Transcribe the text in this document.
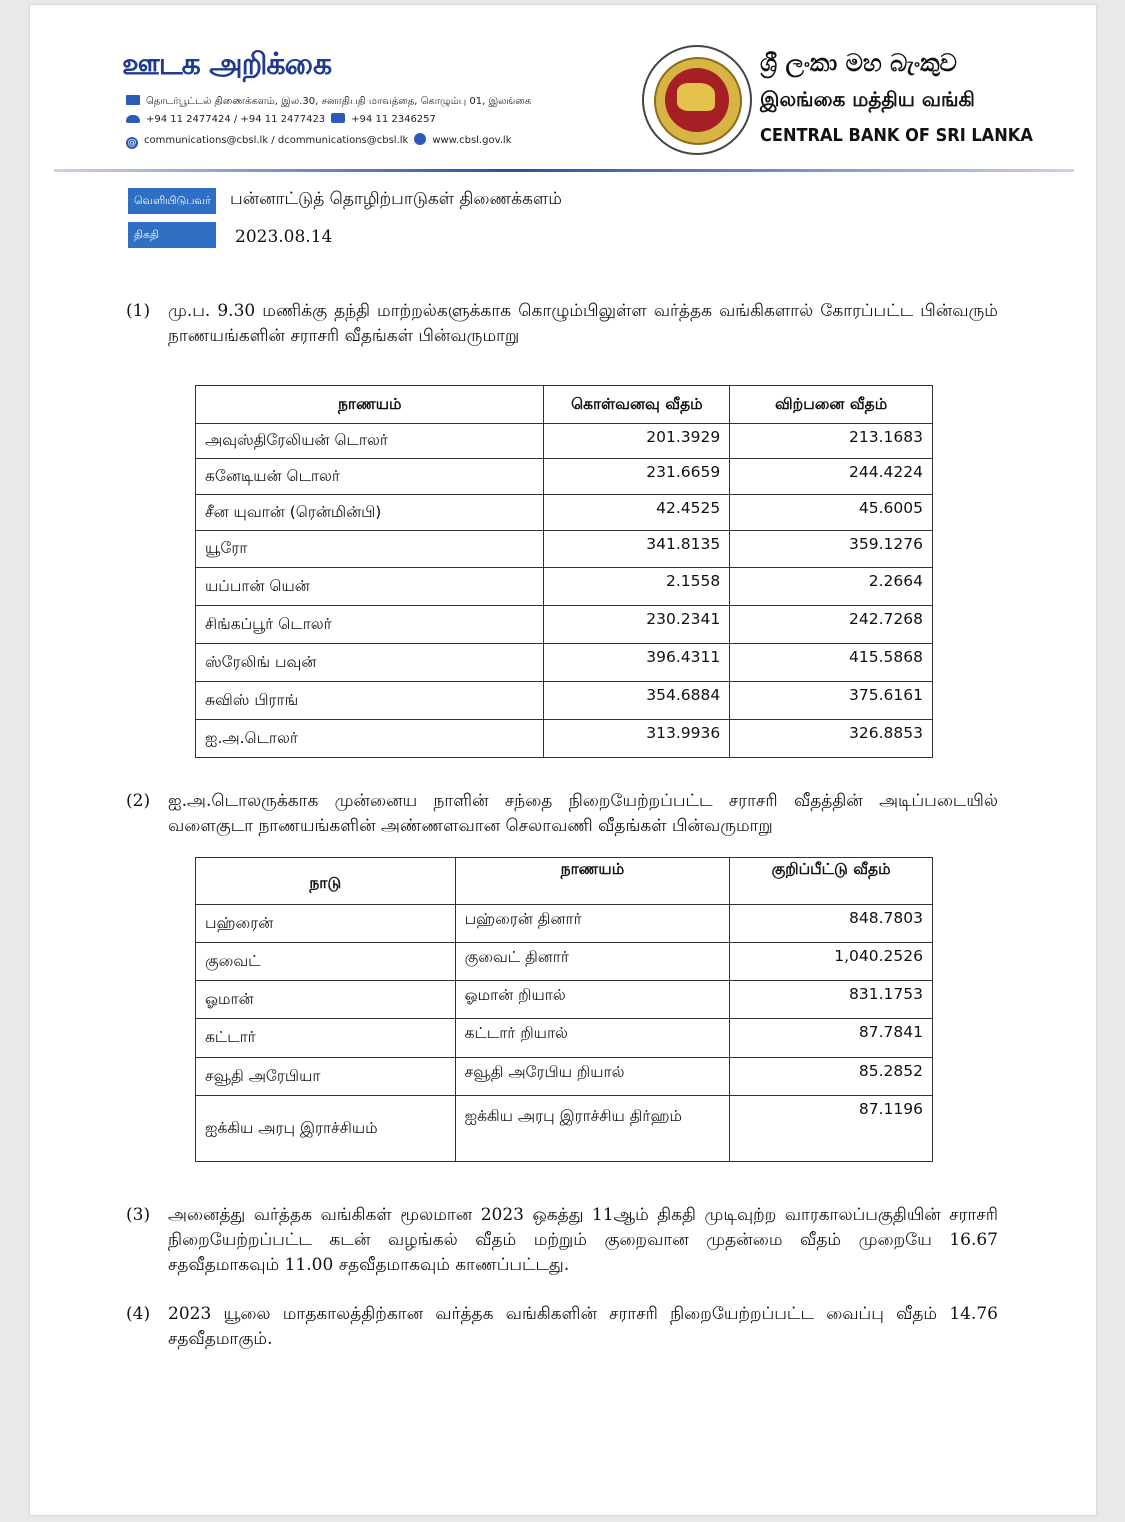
ஊடக அறிக்கை
தொடர்பூட்டல் திணைக்களம், இல.30, சனாதிபதி மாவத்தை, கொழும்பு 01, இலங்கை
+94 11 2477424 / +94 11 2477423	+94 11 2346257
@ communications@cbsl.lk / dcommunications@cbsl.lk www.cbsl.gov.lk
ශ්‍රී ලංකා මහ බැංකුව
இலங்கை மத்திய வங்கி
CENTRAL BANK OF SRI LANKA
வெளியிடுபவர்	பன்னாட்டுத் தொழிற்பாடுகள் திணைக்களம்
திகதி	2023.08.14
(1) மு.ப. 9.30 மணிக்கு தந்தி மாற்றல்களுக்காக கொழும்பிலுள்ள வர்த்தக வங்கிகளால் கோரப்பட்ட பின்வரும் நாணயங்களின் சராசரி வீதங்கள் பின்வருமாறு
நாணயம்	கொள்வனவு வீதம்	விற்பனை வீதம்
அவுஸ்திரேலியன் டொலர்	201.3929	213.1683
கனேடியன் டொலர்	231.6659	244.4224
சீன யுவான் (ரென்மின்பி)	42.4525	45.6005
யூரோ	341.8135	359.1276
யப்பான் யென்	2.1558	2.2664
சிங்கப்பூர் டொலர்	230.2341	242.7268
ஸ்ரேலிங் பவுன்	396.4311	415.5868
சுவிஸ் பிராங்	354.6884	375.6161
ஐ.அ.டொலர்	313.9936	326.8853
(2) ஐ.அ.டொலருக்காக முன்னைய நாளின் சந்தை நிறையேற்றப்பட்ட சராசரி வீதத்தின் அடிப்படையில் வளைகுடா நாணயங்களின் அண்ணளவான செலாவணி வீதங்கள் பின்வருமாறு
நாடு	நாணயம்	குறிப்பீட்டு வீதம்
பஹ்ரைன்	பஹ்ரைன் தினார்	848.7803
குவைட்	குவைட் தினார்	1,040.2526
ஓமான்	ஓமான் றியால்	831.1753
கட்டார்	கட்டார் றியால்	87.7841
சவூதி அரேபியா	சவூதி அரேபிய றியால்	85.2852
ஐக்கிய அரபு இராச்சியம்	ஐக்கிய அரபு இராச்சிய திர்ஹம்	87.1196
(3) அனைத்து வர்த்தக வங்கிகள் மூலமான 2023 ஒகத்து 11ஆம் திகதி முடிவுற்ற வாரகாலப்பகுதியின் சராசரி நிறையேற்றப்பட்ட கடன் வழங்கல் வீதம் மற்றும் குறைவான முதன்மை வீதம் முறையே 16.67 சதவீதமாகவும் 11.00 சதவீதமாகவும் காணப்பட்டது.
(4) 2023 யூலை மாதகாலத்திற்கான வர்த்தக வங்கிகளின் சராசரி நிறையேற்றப்பட்ட வைப்பு வீதம் 14.76 சதவீதமாகும்.
